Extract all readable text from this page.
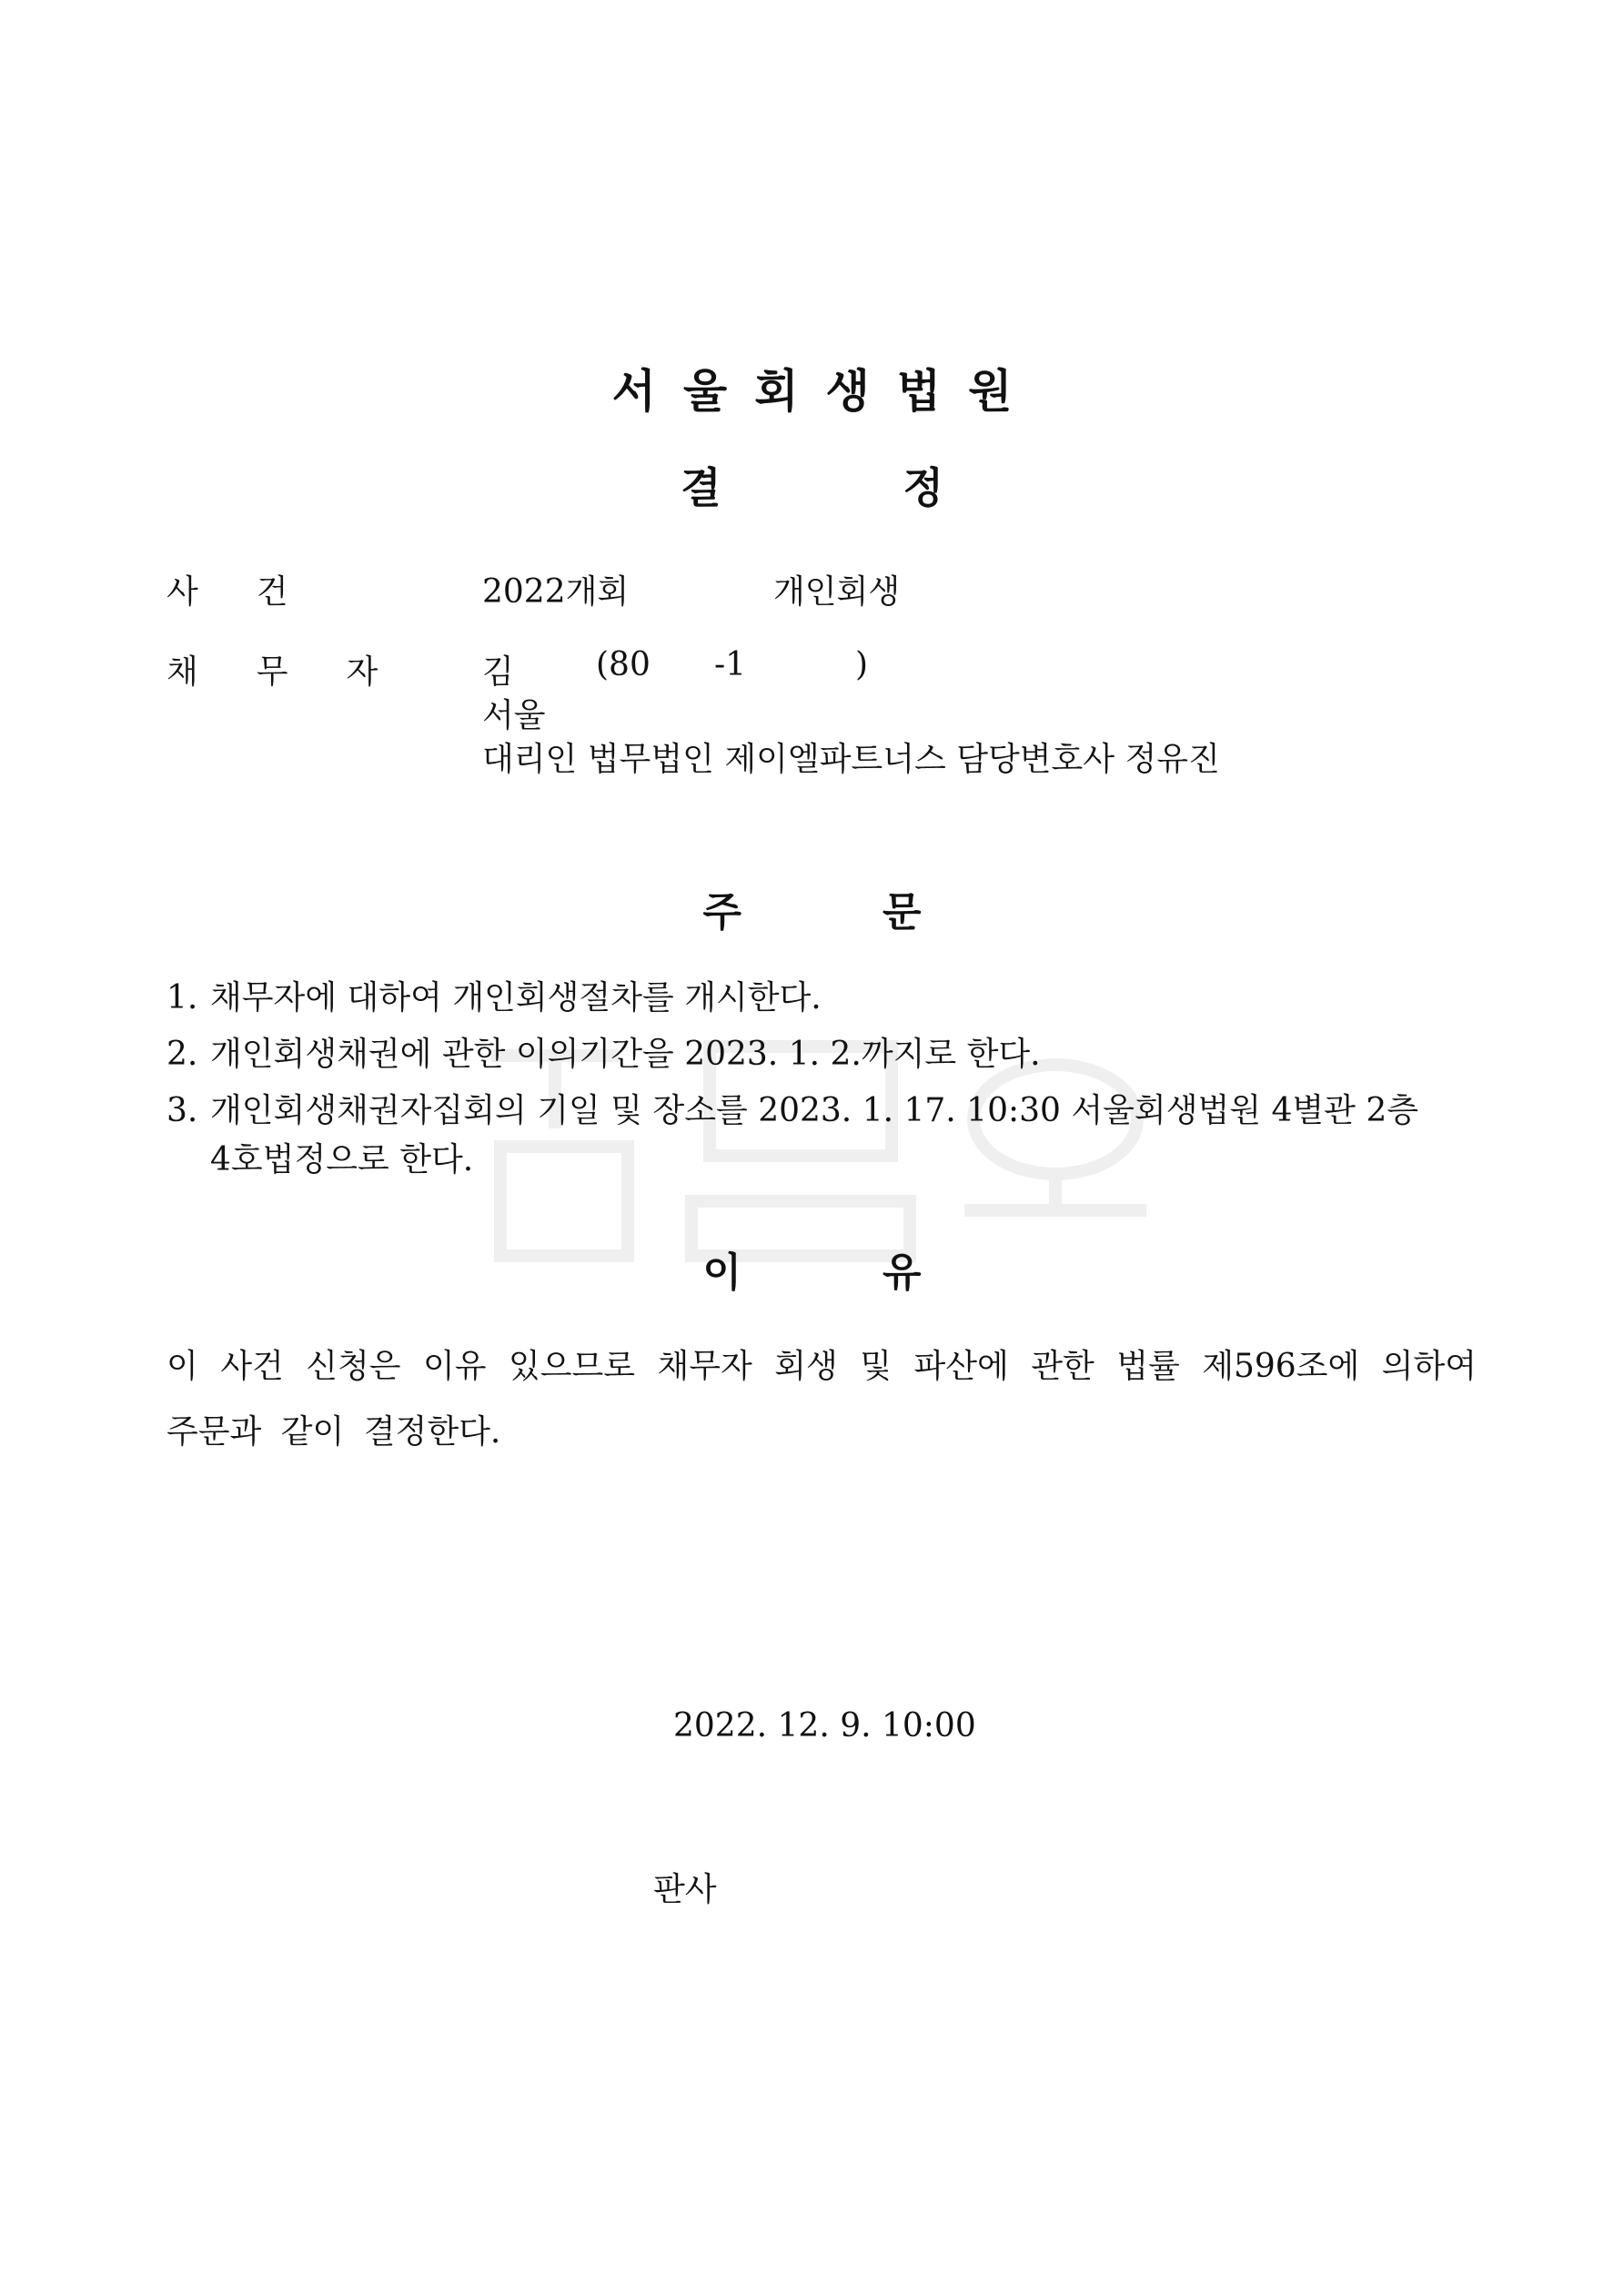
서울회생법원
결정
사건	2022개회	개인회생
채무자 김	(80 -1	)
서울
대리인 법무법인 제이엘파트너스 담당변호사 정유진
주문
1. 채무자에 대하여 개인회생절차를 개시한다.
2. 개인회생채권에 관한 이의기간을 2023. 1. 2.까지로 한다.
3. 개인회생채권자집회의 기일 및 장소를 2023. 1. 17. 10:30 서울회생법원 4별관 2층
4호법정으로 한다.
이유
이 사건 신청은 이유 있으므로 채무자 회생 및 파산에 관한 법률 제596조에 의하여 주문과 같이 결정한다.
2022. 12. 9. 10:00
판사
